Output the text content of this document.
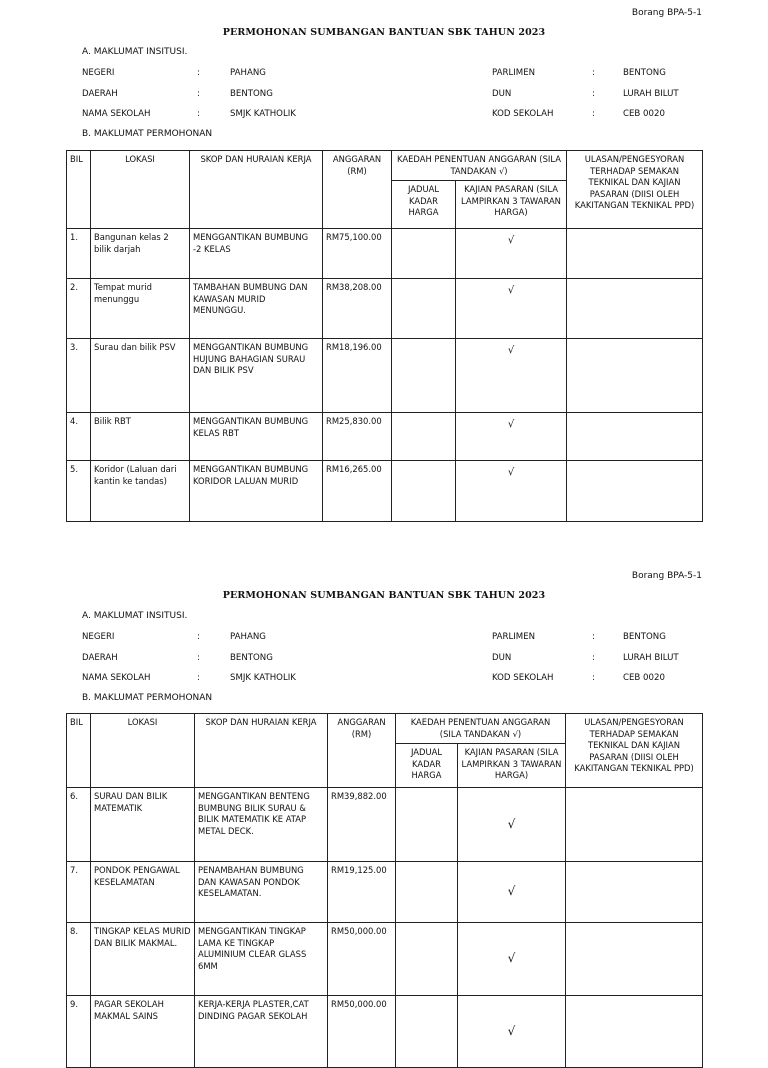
Borang BPA-5-1
PERMOHONAN SUMBANGAN BANTUAN SBK TAHUN 2023
A. MAKLUMAT INSITUSI.
NEGERI	:	PAHANG	PARLIMEN	:	BENTONG
DAERAH	:	BENTONG	DUN	:	LURAH BILUT
NAMA SEKOLAH	:	SMJK KATHOLIK	KOD SEKOLAH	:	CEB 0020
B. MAKLUMAT PERMOHONAN
BIL	LOKASI	SKOP DAN HURAIAN KERJA	ANGGARAN (RM)	KAEDAH PENENTUAN ANGGARAN (SILA TANDAKAN √)		ULASAN/PENGESYORAN TERHADAP SEMAKAN TEKNIKAL DAN KAJIAN PASARAN (DIISI OLEH KAKITANGAN TEKNIKAL PPD)
				JADUAL KADAR HARGA	KAJIAN PASARAN (SILA LAMPIRKAN 3 TAWARAN HARGA)	
1.	Bangunan kelas 2 bilik darjah	MENGGANTIKAN BUMBUNG -2 KELAS	RM75,100.00		√	
2.	Tempat murid menunggu	TAMBAHAN BUMBUNG DAN KAWASAN MURID MENUNGGU.	RM38,208.00		√	
3.	Surau dan bilik PSV	MENGGANTIKAN BUMBUNG HUJUNG BAHAGIAN SURAU DAN BILIK PSV	RM18,196.00		√	
4.	Bilik RBT	MENGGANTIKAN BUMBUNG KELAS RBT	RM25,830.00		√	
5.	Koridor (Laluan dari kantin ke tandas)	MENGGANTIKAN BUMBUNG KORIDOR LALUAN MURID	RM16,265.00		√	
Borang BPA-5-1
PERMOHONAN SUMBANGAN BANTUAN SBK TAHUN 2023
A. MAKLUMAT INSITUSI.
NEGERI	:	PAHANG	PARLIMEN	:	BENTONG
DAERAH	:	BENTONG	DUN	:	LURAH BILUT
NAMA SEKOLAH	:	SMJK KATHOLIK	KOD SEKOLAH	:	CEB 0020
B. MAKLUMAT PERMOHONAN
BIL	LOKASI	SKOP DAN HURAIAN KERJA	ANGGARAN (RM)	KAEDAH PENENTUAN ANGGARAN (SILA TANDAKAN √)		ULASAN/PENGESYORAN TERHADAP SEMAKAN TEKNIKAL DAN KAJIAN PASARAN (DIISI OLEH KAKITANGAN TEKNIKAL PPD)
				JADUAL KADAR HARGA	KAJIAN PASARAN (SILA LAMPIRKAN 3 TAWARAN HARGA)	
6.	SURAU DAN BILIK MATEMATIK	MENGGANTIKAN BENTENG BUMBUNG BILIK SURAU & BILIK MATEMATIK KE ATAP METAL DECK.	RM39,882.00		√	
7.	PONDOK PENGAWAL KESELAMATAN	PENAMBAHAN BUMBUNG DAN KAWASAN PONDOK KESELAMATAN.	RM19,125.00		√	
8.	TINGKAP KELAS MURID DAN BILIK MAKMAL.	MENGGANTIKAN TINGKAP LAMA KE TINGKAP ALUMINIUM CLEAR GLASS 6MM	RM50,000.00		√	
9.	PAGAR SEKOLAH MAKMAL SAINS	KERJA-KERJA PLASTER,CAT DINDING PAGAR SEKOLAH	RM50,000.00		√	
